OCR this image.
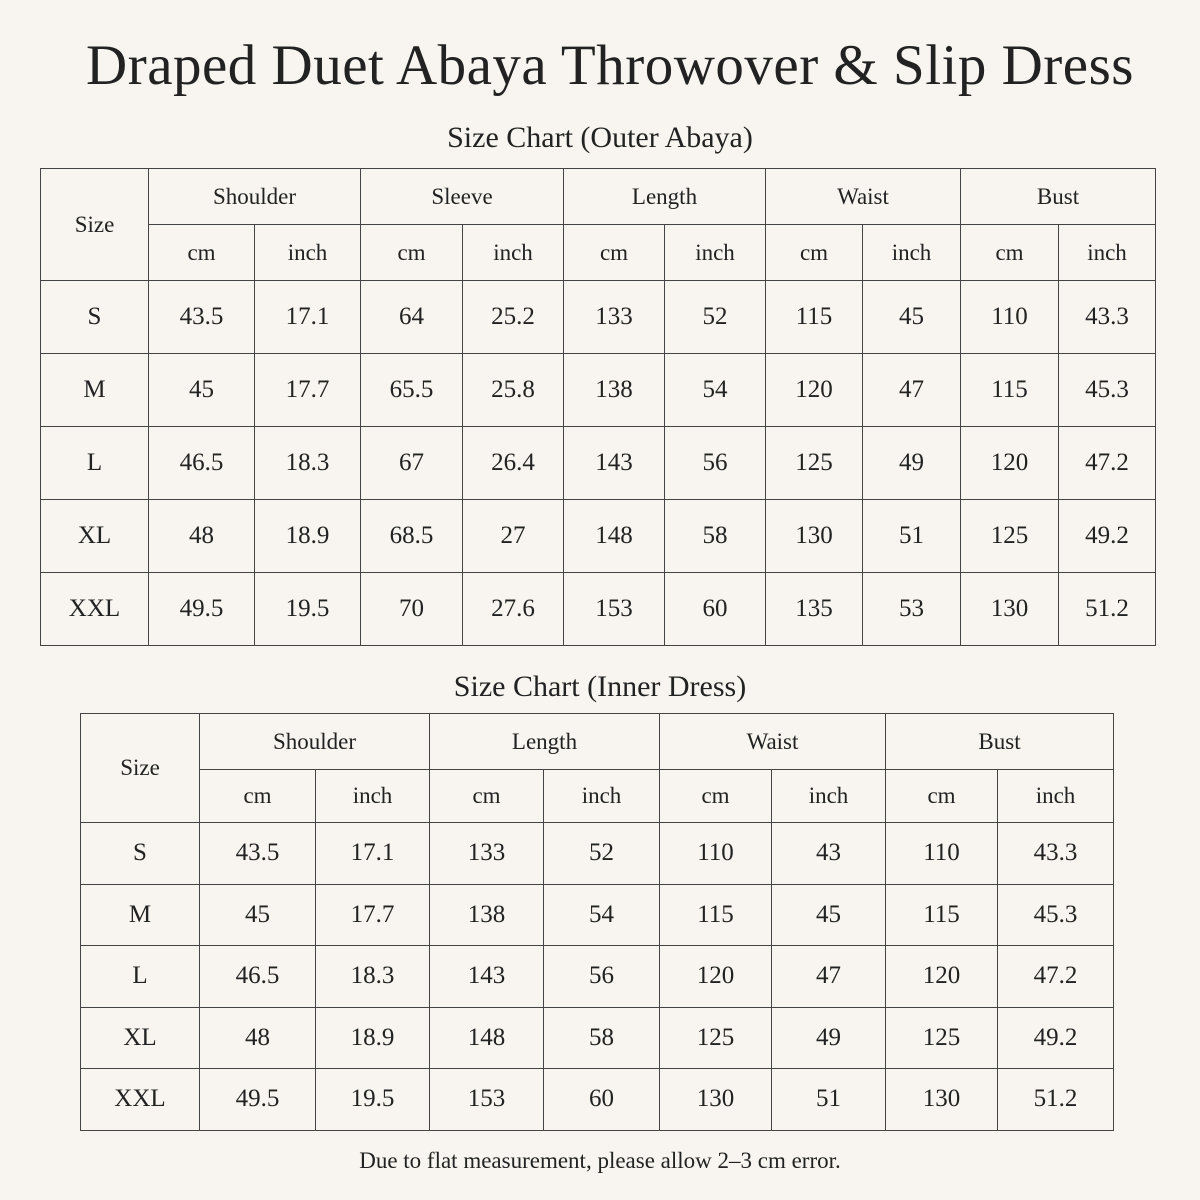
Draped Duet Abaya Throwover & Slip Dress
Size Chart (Outer Abaya)
Size	Shoulder		Sleeve		Length		Waist		Bust	
	cm	inch	cm	inch	cm	inch	cm	inch	cm	inch
S	43.5	17.1	64	25.2	133	52	115	45	110	43.3
M	45	17.7	65.5	25.8	138	54	120	47	115	45.3
L	46.5	18.3	67	26.4	143	56	125	49	120	47.2
XL	48	18.9	68.5	27	148	58	130	51	125	49.2
XXL	49.5	19.5	70	27.6	153	60	135	53	130	51.2
Size Chart (Inner Dress)
Size	Shoulder		Length		Waist		Bust	
	cm	inch	cm	inch	cm	inch	cm	inch
S	43.5	17.1	133	52	110	43	110	43.3
M	45	17.7	138	54	115	45	115	45.3
L	46.5	18.3	143	56	120	47	120	47.2
XL	48	18.9	148	58	125	49	125	49.2
XXL	49.5	19.5	153	60	130	51	130	51.2

Due to flat measurement, please allow 2–3 cm error.
